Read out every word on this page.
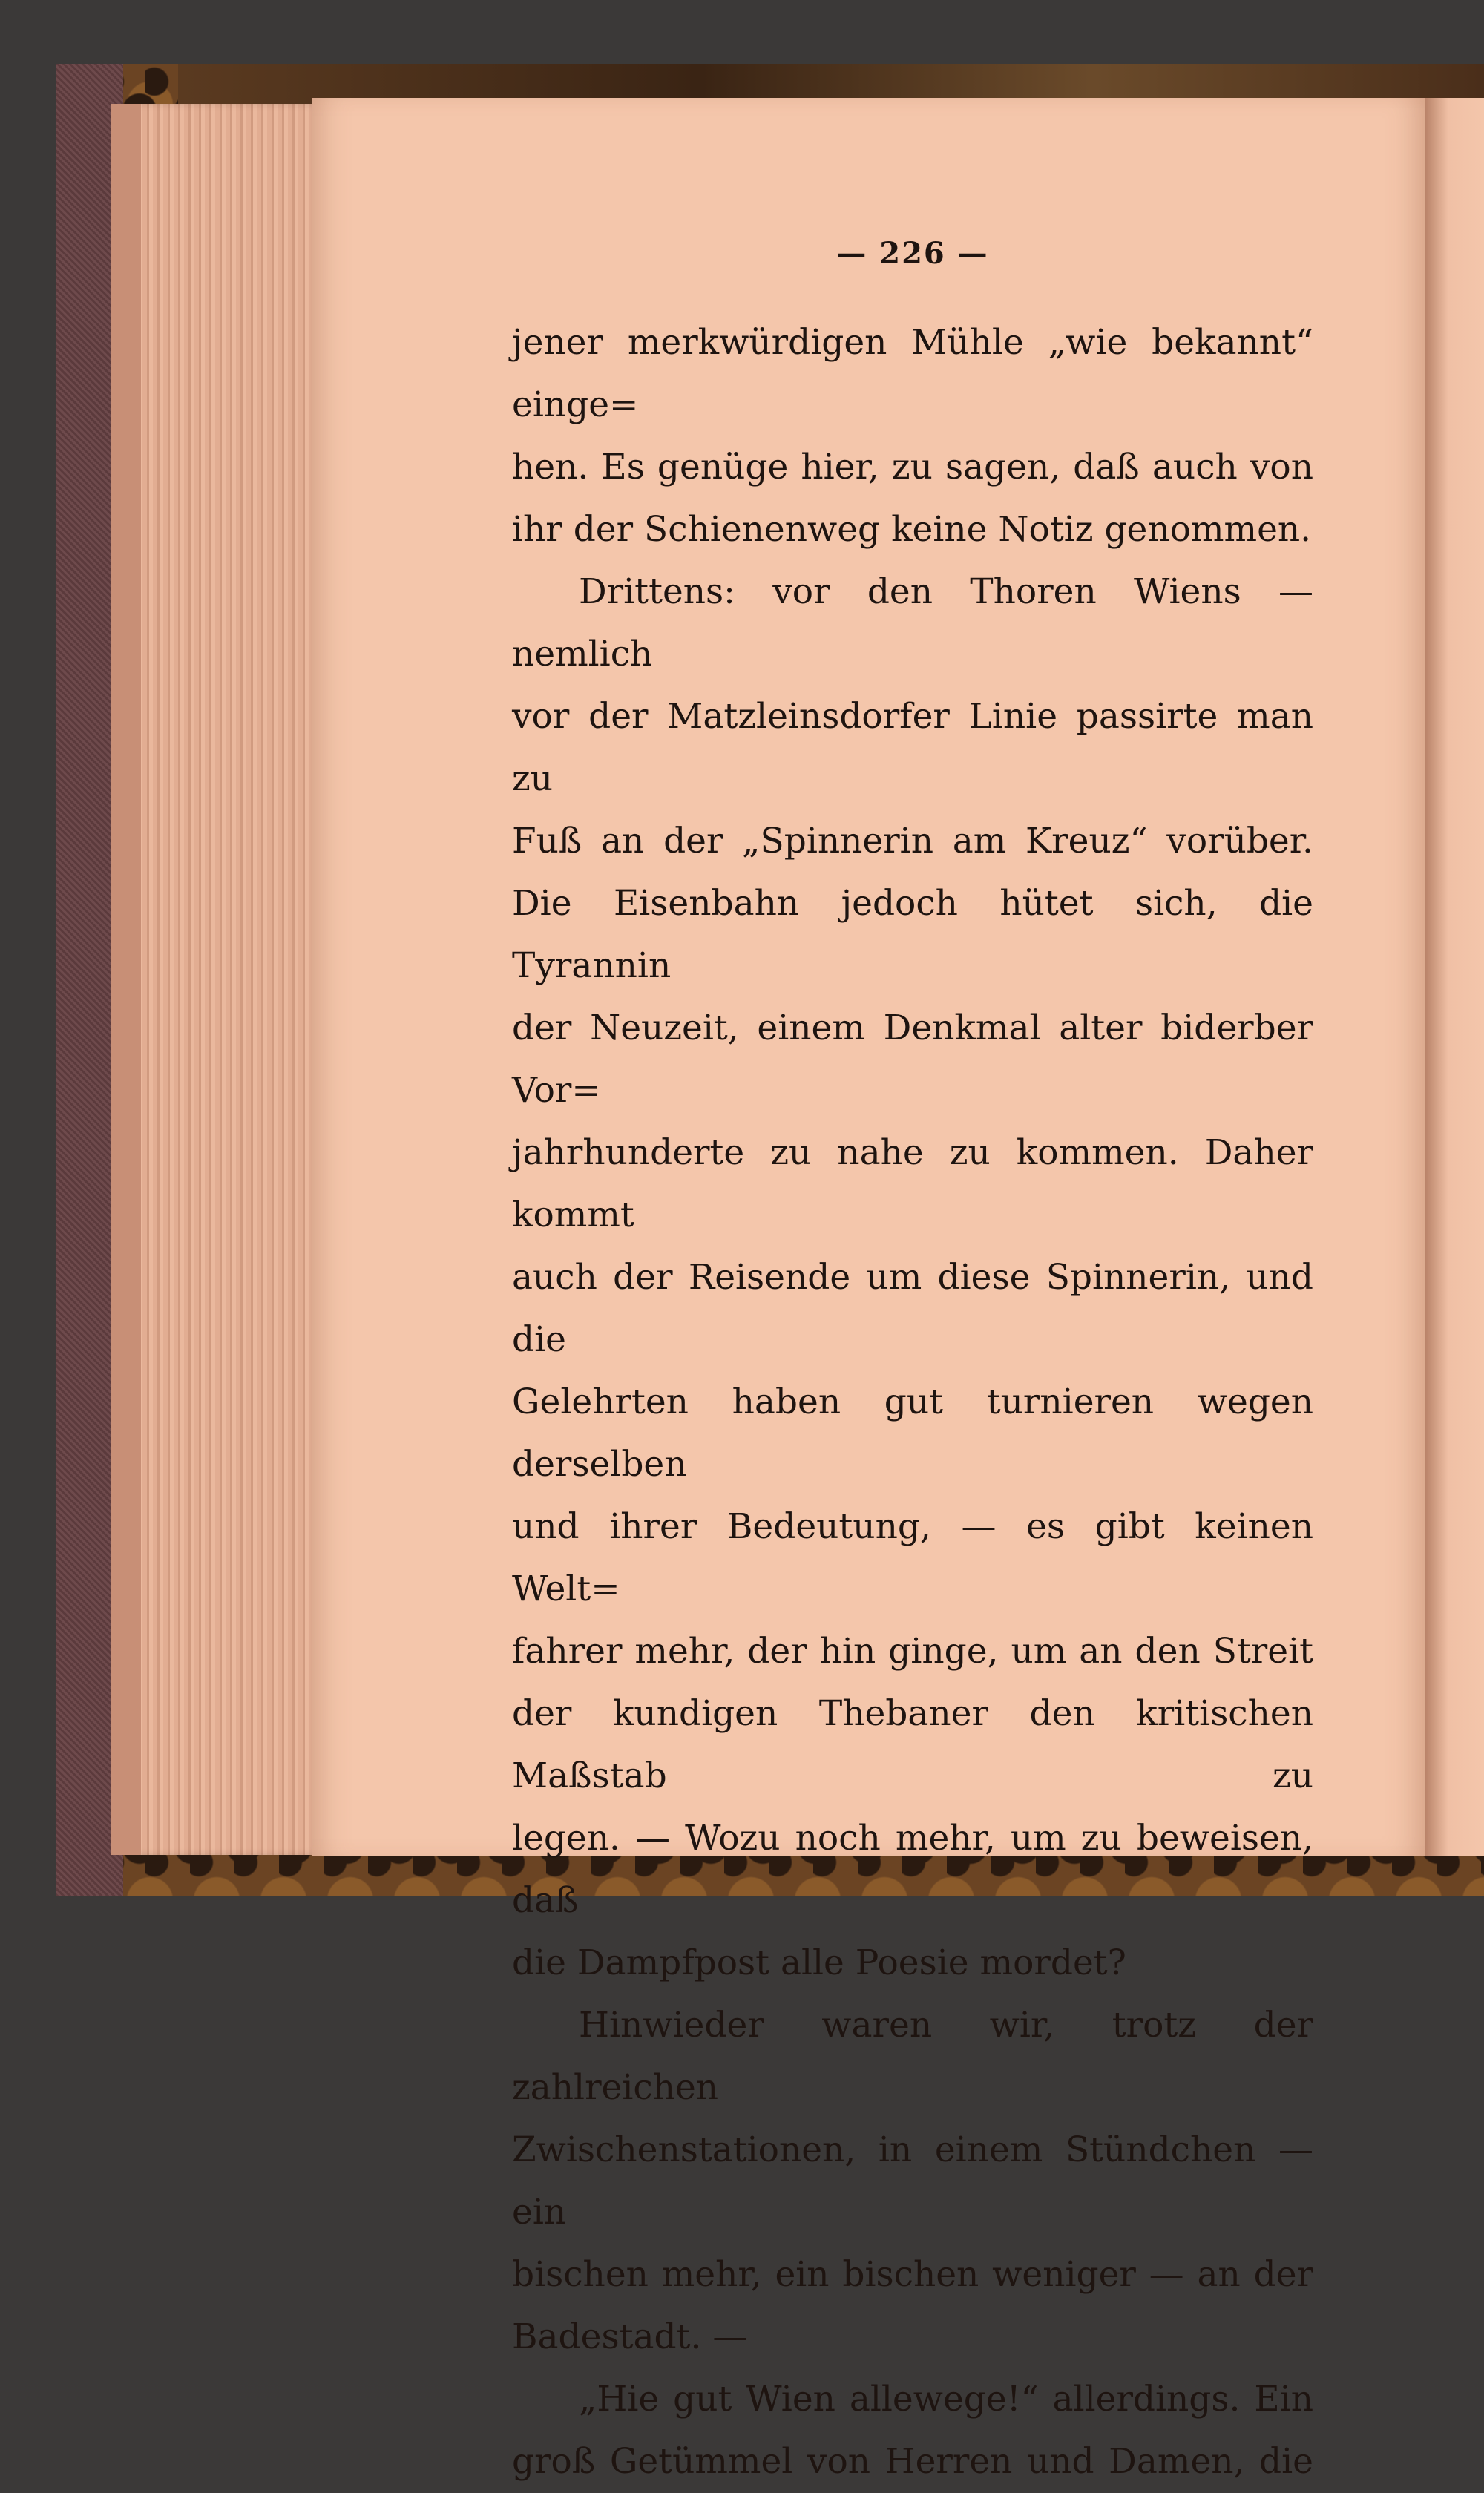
— 226 —

jener merkwürdigen Mühle „wie bekannt“ einge=
hen. Es genüge hier, zu sagen, daß auch von
ihr der Schienenweg keine Notiz genommen.

Drittens: vor den Thoren Wiens — nemlich
vor der Matzleinsdorfer Linie passirte man zu
Fuß an der „Spinnerin am Kreuz“ vorüber.
Die Eisenbahn jedoch hütet sich, die Tyrannin
der Neuzeit, einem Denkmal alter biderber Vor=
jahrhunderte zu nahe zu kommen. Daher kommt
auch der Reisende um diese Spinnerin, und die
Gelehrten haben gut turnieren wegen derselben
und ihrer Bedeutung, — es gibt keinen Welt=
fahrer mehr, der hin ginge, um an den Streit
der kundigen Thebaner den kritischen Maßstab zu
legen. — Wozu noch mehr, um zu beweisen, daß
die Dampfpost alle Poesie mordet?

Hinwieder waren wir, trotz der zahlreichen
Zwischenstationen, in einem Stündchen — ein
bischen mehr, ein bischen weniger — an der
Badestadt. —

„Hie gut Wien allewege!“ allerdings. Ein
groß Getümmel von Herren und Damen, die
